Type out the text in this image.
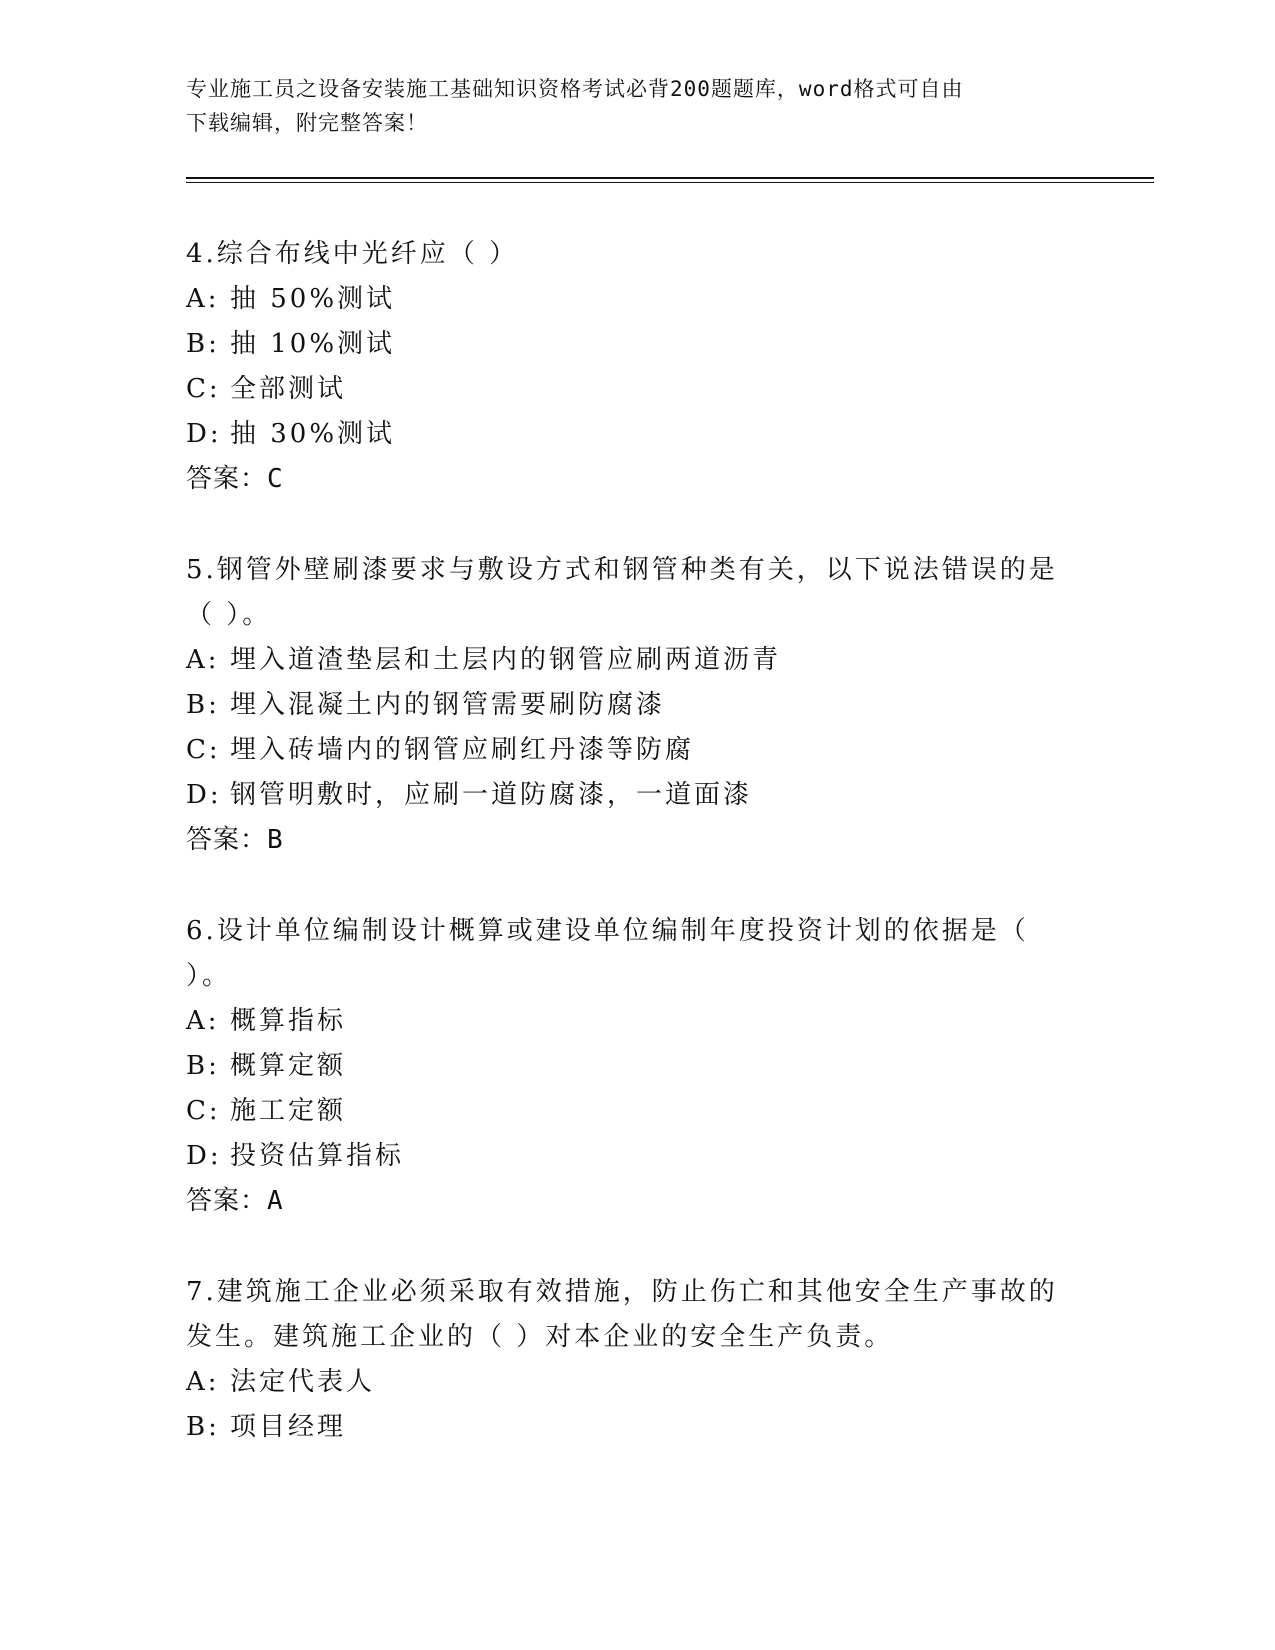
专业施工员之设备安装施工基础知识资格考试必背200题题库，word格式可自由
下载编辑，附完整答案！
4.综合布线中光纤应（ ）
A: 抽 50%测试
B: 抽 10%测试
C: 全部测试
D: 抽 30%测试
答案：C
5.钢管外壁刷漆要求与敷设方式和钢管种类有关，以下说法错误的是（ ）。
A: 埋入道渣垫层和土层内的钢管应刷两道沥青
B: 埋入混凝土内的钢管需要刷防腐漆
C: 埋入砖墙内的钢管应刷红丹漆等防腐
D: 钢管明敷时，应刷一道防腐漆，一道面漆
答案：B
6.设计单位编制设计概算或建设单位编制年度投资计划的依据是（ ）。
A: 概算指标
B: 概算定额
C: 施工定额
D: 投资估算指标
答案：A
7.建筑施工企业必须采取有效措施，防止伤亡和其他安全生产事故的发生。建筑施工企业的（ ）对本企业的安全生产负责。
A: 法定代表人
B: 项目经理
